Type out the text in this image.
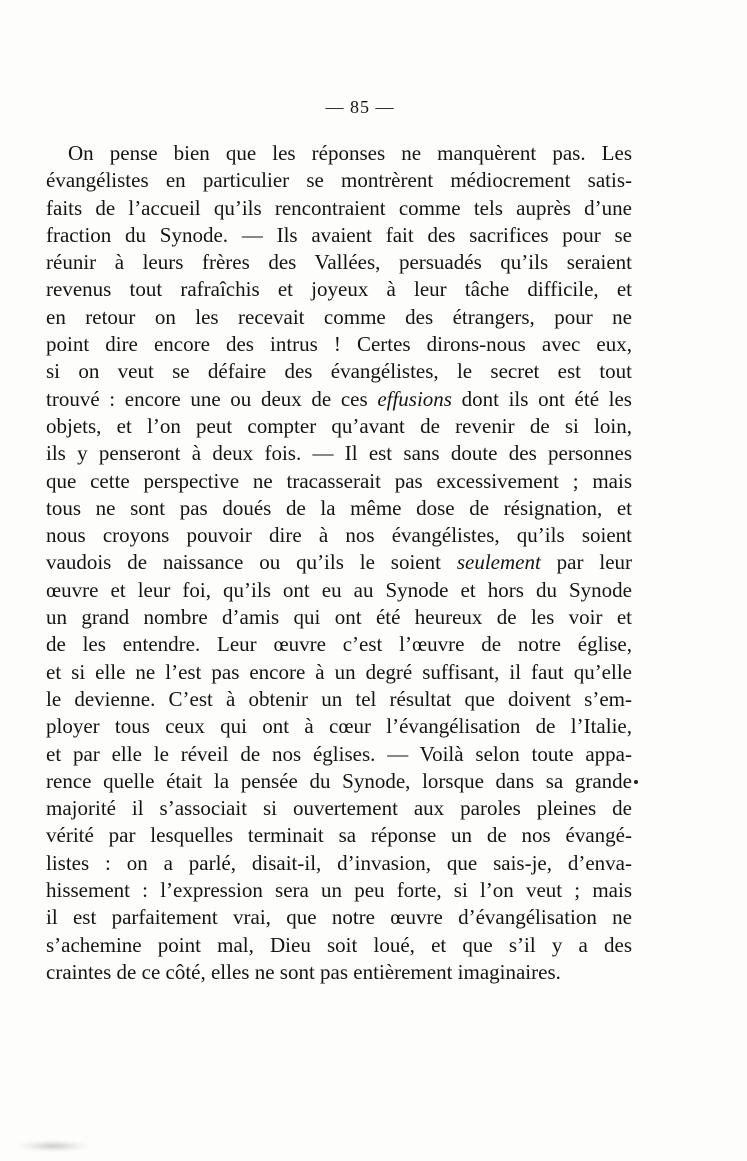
— 85 —
On pense bien que les réponses ne manquèrent pas. Les
évangélistes en particulier se montrèrent médiocrement satis-
faits de l’accueil qu’ils rencontraient comme tels auprès d’une
fraction du Synode. — Ils avaient fait des sacrifices pour se
réunir à leurs frères des Vallées, persuadés qu’ils seraient
revenus tout rafraîchis et joyeux à leur tâche difficile, et
en retour on les recevait comme des étrangers, pour ne
point dire encore des intrus ! Certes dirons-nous avec eux,
si on veut se défaire des évangélistes, le secret est tout
trouvé : encore une ou deux de ces effusions dont ils ont été les
objets, et l’on peut compter qu’avant de revenir de si loin,
ils y penseront à deux fois. — Il est sans doute des personnes
que cette perspective ne tracasserait pas excessivement ; mais
tous ne sont pas doués de la même dose de résignation, et
nous croyons pouvoir dire à nos évangélistes, qu’ils soient
vaudois de naissance ou qu’ils le soient seulement par leur
œuvre et leur foi, qu’ils ont eu au Synode et hors du Synode
un grand nombre d’amis qui ont été heureux de les voir et
de les entendre. Leur œuvre c’est l’œuvre de notre église,
et si elle ne l’est pas encore à un degré suffisant, il faut qu’elle
le devienne. C’est à obtenir un tel résultat que doivent s’em-
ployer tous ceux qui ont à cœur l’évangélisation de l’Italie,
et par elle le réveil de nos églises. — Voilà selon toute appa-
rence quelle était la pensée du Synode, lorsque dans sa grande
majorité il s’associait si ouvertement aux paroles pleines de
vérité par lesquelles terminait sa réponse un de nos évangé-
listes : on a parlé, disait-il, d’invasion, que sais-je, d’enva-
hissement : l’expression sera un peu forte, si l’on veut ; mais
il est parfaitement vrai, que notre œuvre d’évangélisation ne
s’achemine point mal, Dieu soit loué, et que s’il y a des
craintes de ce côté, elles ne sont pas entièrement imaginaires.
